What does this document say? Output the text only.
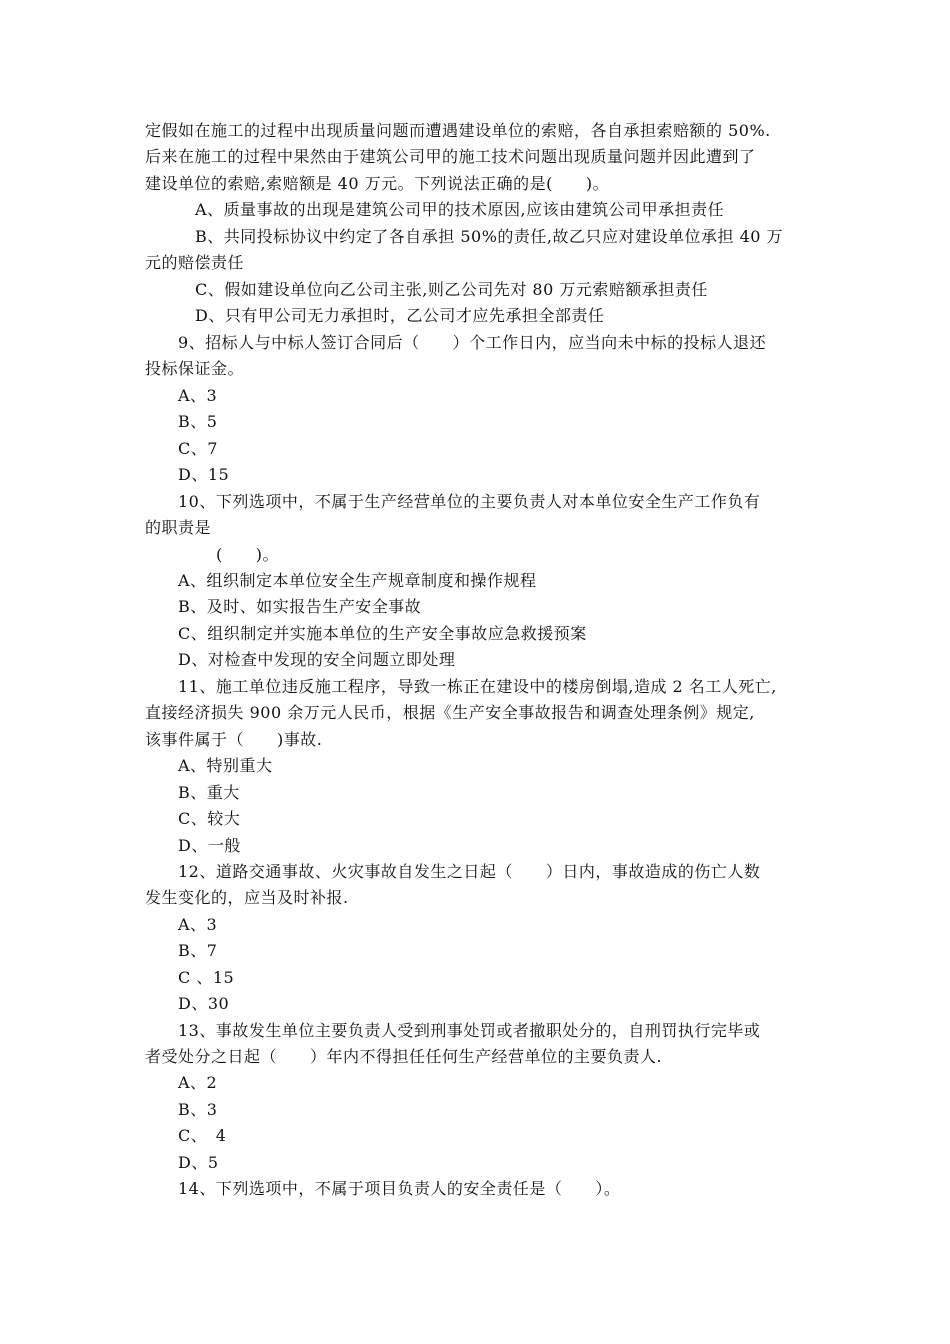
定假如在施工的过程中出现质量问题而遭遇建设单位的索赔，各自承担索赔额的 50%.
后来在施工的过程中果然由于建筑公司甲的施工技术问题出现质量问题并因此遭到了
建设单位的索赔,索赔额是 40 万元。下列说法正确的是(　　)。
A、质量事故的出现是建筑公司甲的技术原因,应该由建筑公司甲承担责任
B、共同投标协议中约定了各自承担 50%的责任,故乙只应对建设单位承担 40 万
元的赔偿责任
C、假如建设单位向乙公司主张,则乙公司先对 80 万元索赔额承担责任
D、只有甲公司无力承担时，乙公司才应先承担全部责任
9、招标人与中标人签订合同后（　　）个工作日内，应当向未中标的投标人退还
投标保证金。
A、3
B、5
C、7
D、15
10、下列选项中，不属于生产经营单位的主要负责人对本单位安全生产工作负有
的职责是
(　　)。
A、组织制定本单位安全生产规章制度和操作规程
B、及时、如实报告生产安全事故
C、组织制定并实施本单位的生产安全事故应急救援预案
D、对检查中发现的安全问题立即处理
11、施工单位违反施工程序，导致一栋正在建设中的楼房倒塌,造成 2 名工人死亡,
直接经济损失 900 余万元人民币，根据《生产安全事故报告和调查处理条例》规定,
该事件属于（　　)事故.
A、特别重大
B、重大
C、较大
D、一般
12、道路交通事故、火灾事故自发生之日起（　　）日内，事故造成的伤亡人数
发生变化的，应当及时补报.
A、3
B、7
C 、15
D、30
13、事故发生单位主要负责人受到刑事处罚或者撤职处分的，自刑罚执行完毕或
者受处分之日起（　　）年内不得担任任何生产经营单位的主要负责人.
A、2
B、3
C、　4
D、5
14、下列选项中，不属于项目负责人的安全责任是（　　）。
